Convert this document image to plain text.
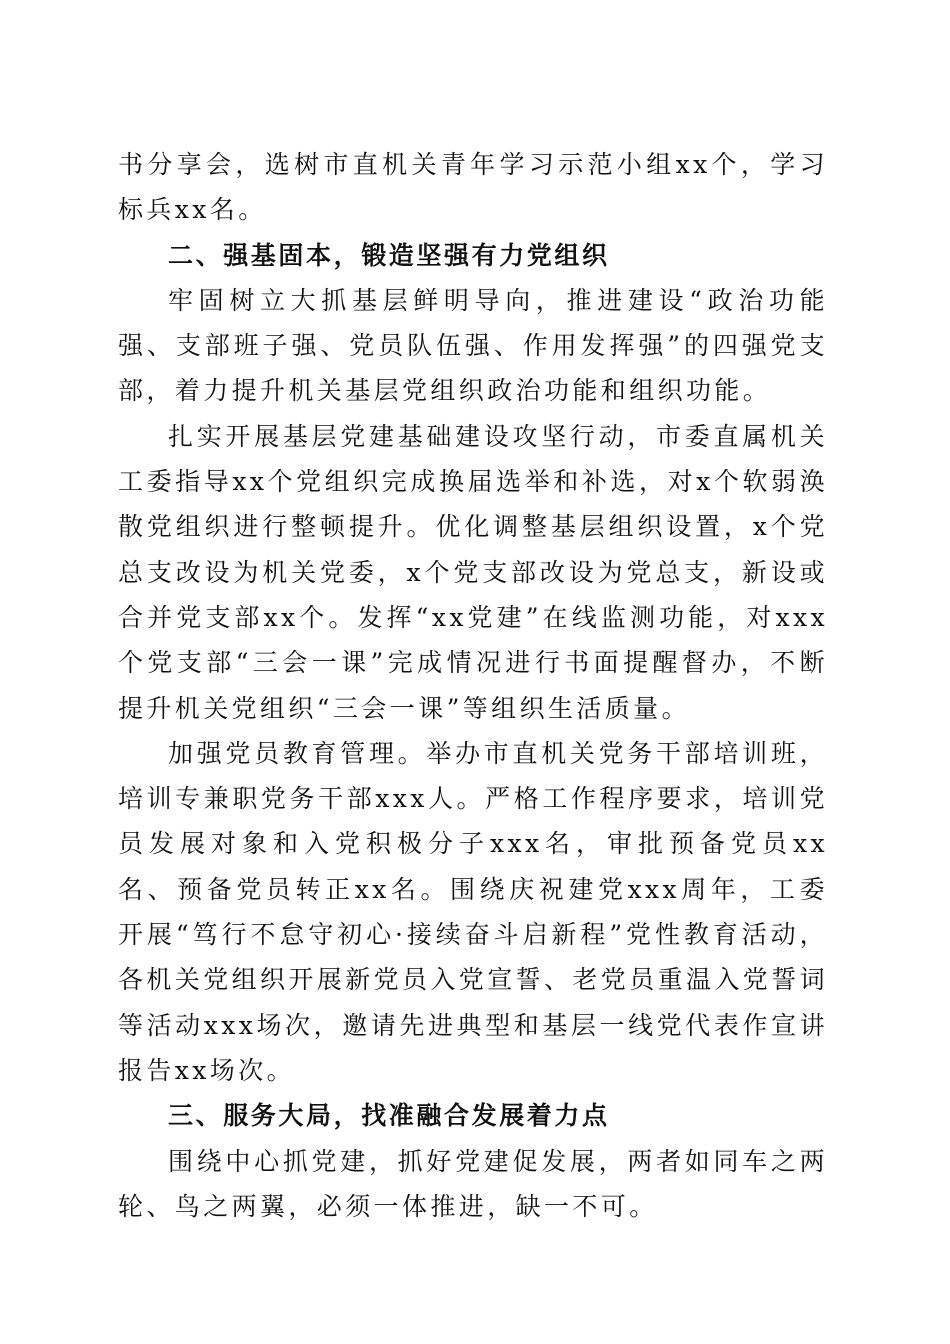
书分享会，选树市直机关青年学习示范小组xx个，学习标兵xx名。

二、强基固本，锻造坚强有力党组织

牢固树立大抓基层鲜明导向，推进建设“政治功能强、支部班子强、党员队伍强、作用发挥强”的四强党支部，着力提升机关基层党组织政治功能和组织功能。

扎实开展基层党建基础建设攻坚行动，市委直属机关工委指导xx个党组织完成换届选举和补选，对x个软弱涣散党组织进行整顿提升。优化调整基层组织设置，x个党总支改设为机关党委，x个党支部改设为党总支，新设或合并党支部xx个。发挥“xx党建”在线监测功能，对xxx个党支部“三会一课”完成情况进行书面提醒督办，不断提升机关党组织“三会一课”等组织生活质量。

加强党员教育管理。举办市直机关党务干部培训班，培训专兼职党务干部xxx人。严格工作程序要求，培训党员发展对象和入党积极分子xxx名，审批预备党员xx名、预备党员转正xx名。围绕庆祝建党xxx周年，工委开展“笃行不怠守初心·接续奋斗启新程”党性教育活动，各机关党组织开展新党员入党宣誓、老党员重温入党誓词等活动xxx场次，邀请先进典型和基层一线党代表作宣讲报告xx场次。

三、服务大局，找准融合发展着力点

围绕中心抓党建，抓好党建促发展，两者如同车之两轮、鸟之两翼，必须一体推进，缺一不可。
